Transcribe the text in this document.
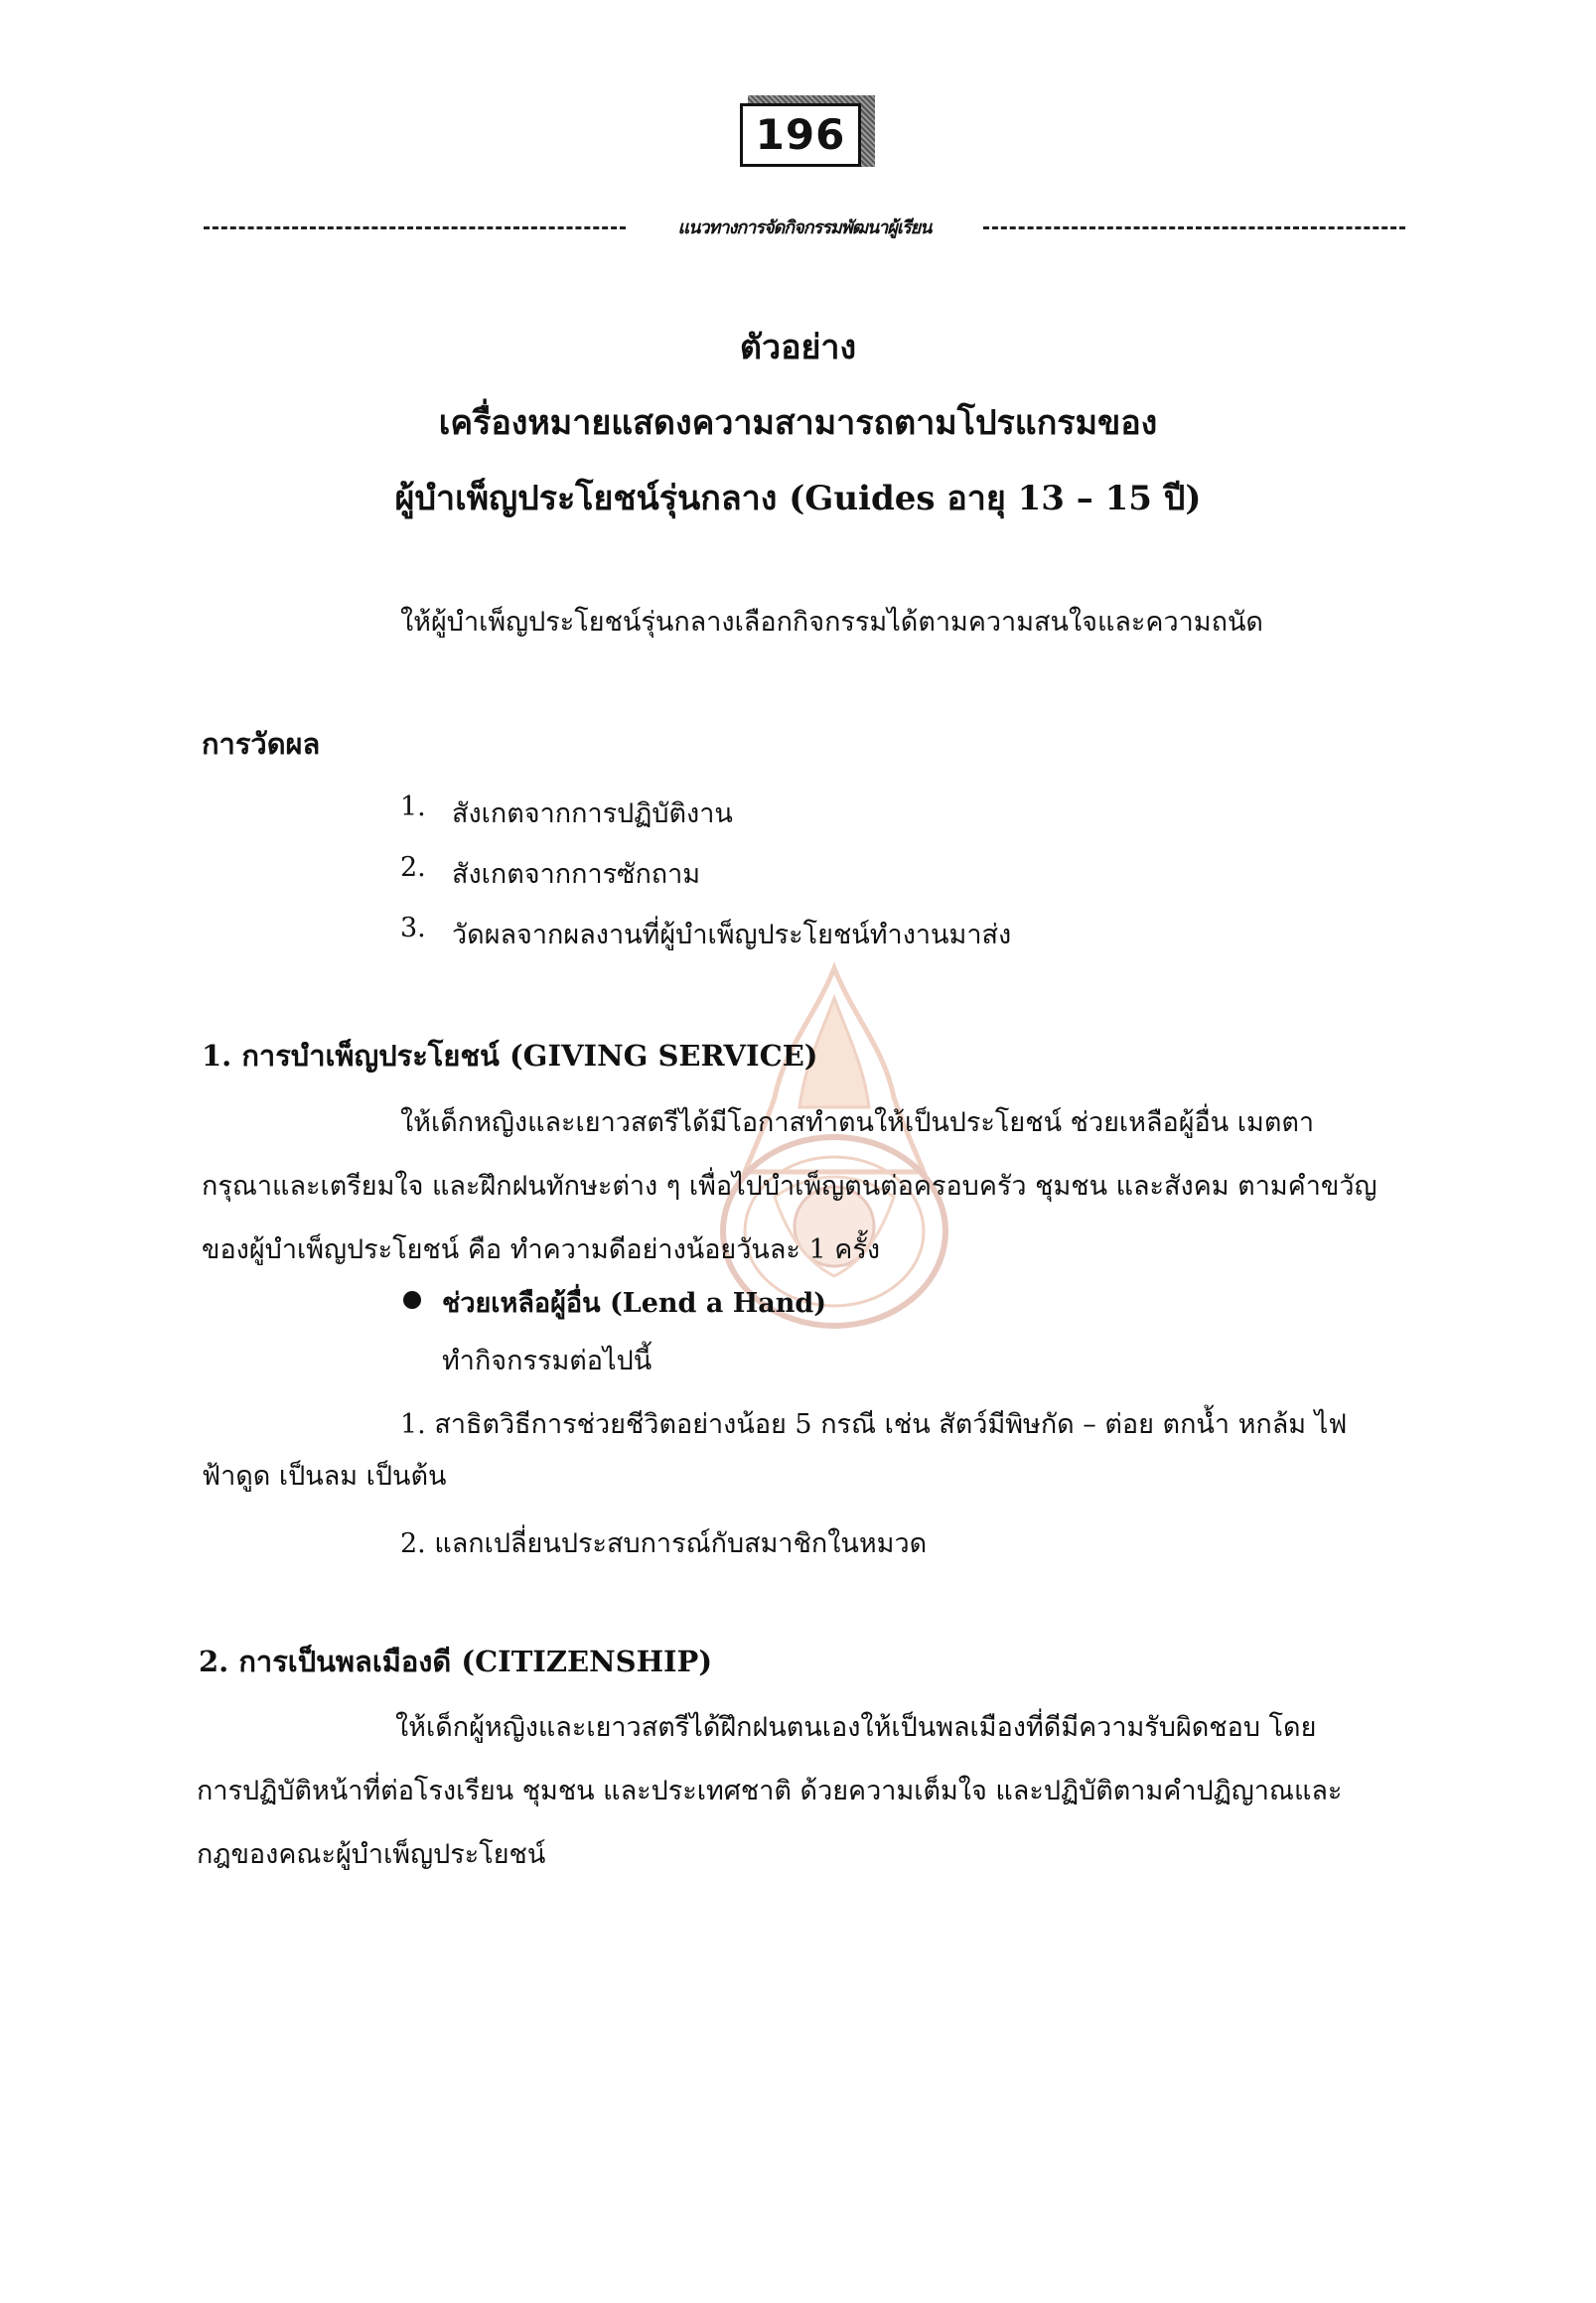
196
แนวทางการจัดกิจกรรมพัฒนาผู้เรียน
ตัวอย่าง
เครื่องหมายแสดงความสามารถตามโปรแกรมของ
ผู้บำเพ็ญประโยชน์รุ่นกลาง (Guides อายุ 13 – 15 ปี)
ให้ผู้บำเพ็ญประโยชน์รุ่นกลางเลือกกิจกรรมได้ตามความสนใจและความถนัด
การวัดผล
1. สังเกตจากการปฏิบัติงาน
2. สังเกตจากการซักถาม
3. วัดผลจากผลงานที่ผู้บำเพ็ญประโยชน์ทำงานมาส่ง
1. การบำเพ็ญประโยชน์ (GIVING SERVICE)
ให้เด็กหญิงและเยาวสตรีได้มีโอกาสทำตนให้เป็นประโยชน์ ช่วยเหลือผู้อื่น เมตตา
กรุณาและเตรียมใจ และฝึกฝนทักษะต่าง ๆ เพื่อไปบำเพ็ญตนต่อครอบครัว ชุมชน และสังคม ตามคำขวัญ
ของผู้บำเพ็ญประโยชน์ คือ ทำความดีอย่างน้อยวันละ 1 ครั้ง
ช่วยเหลือผู้อื่น (Lend a Hand)
ทำกิจกรรมต่อไปนี้
1. สาธิตวิธีการช่วยชีวิตอย่างน้อย 5 กรณี เช่น สัตว์มีพิษกัด – ต่อย ตกน้ำ หกล้ม ไฟ
ฟ้าดูด เป็นลม เป็นต้น
2. แลกเปลี่ยนประสบการณ์กับสมาชิกในหมวด
2. การเป็นพลเมืองดี (CITIZENSHIP)
ให้เด็กผู้หญิงและเยาวสตรีได้ฝึกฝนตนเองให้เป็นพลเมืองที่ดีมีความรับผิดชอบ โดย
การปฏิบัติหน้าที่ต่อโรงเรียน ชุมชน และประเทศชาติ ด้วยความเต็มใจ และปฏิบัติตามคำปฏิญาณและ
กฎของคณะผู้บำเพ็ญประโยชน์
